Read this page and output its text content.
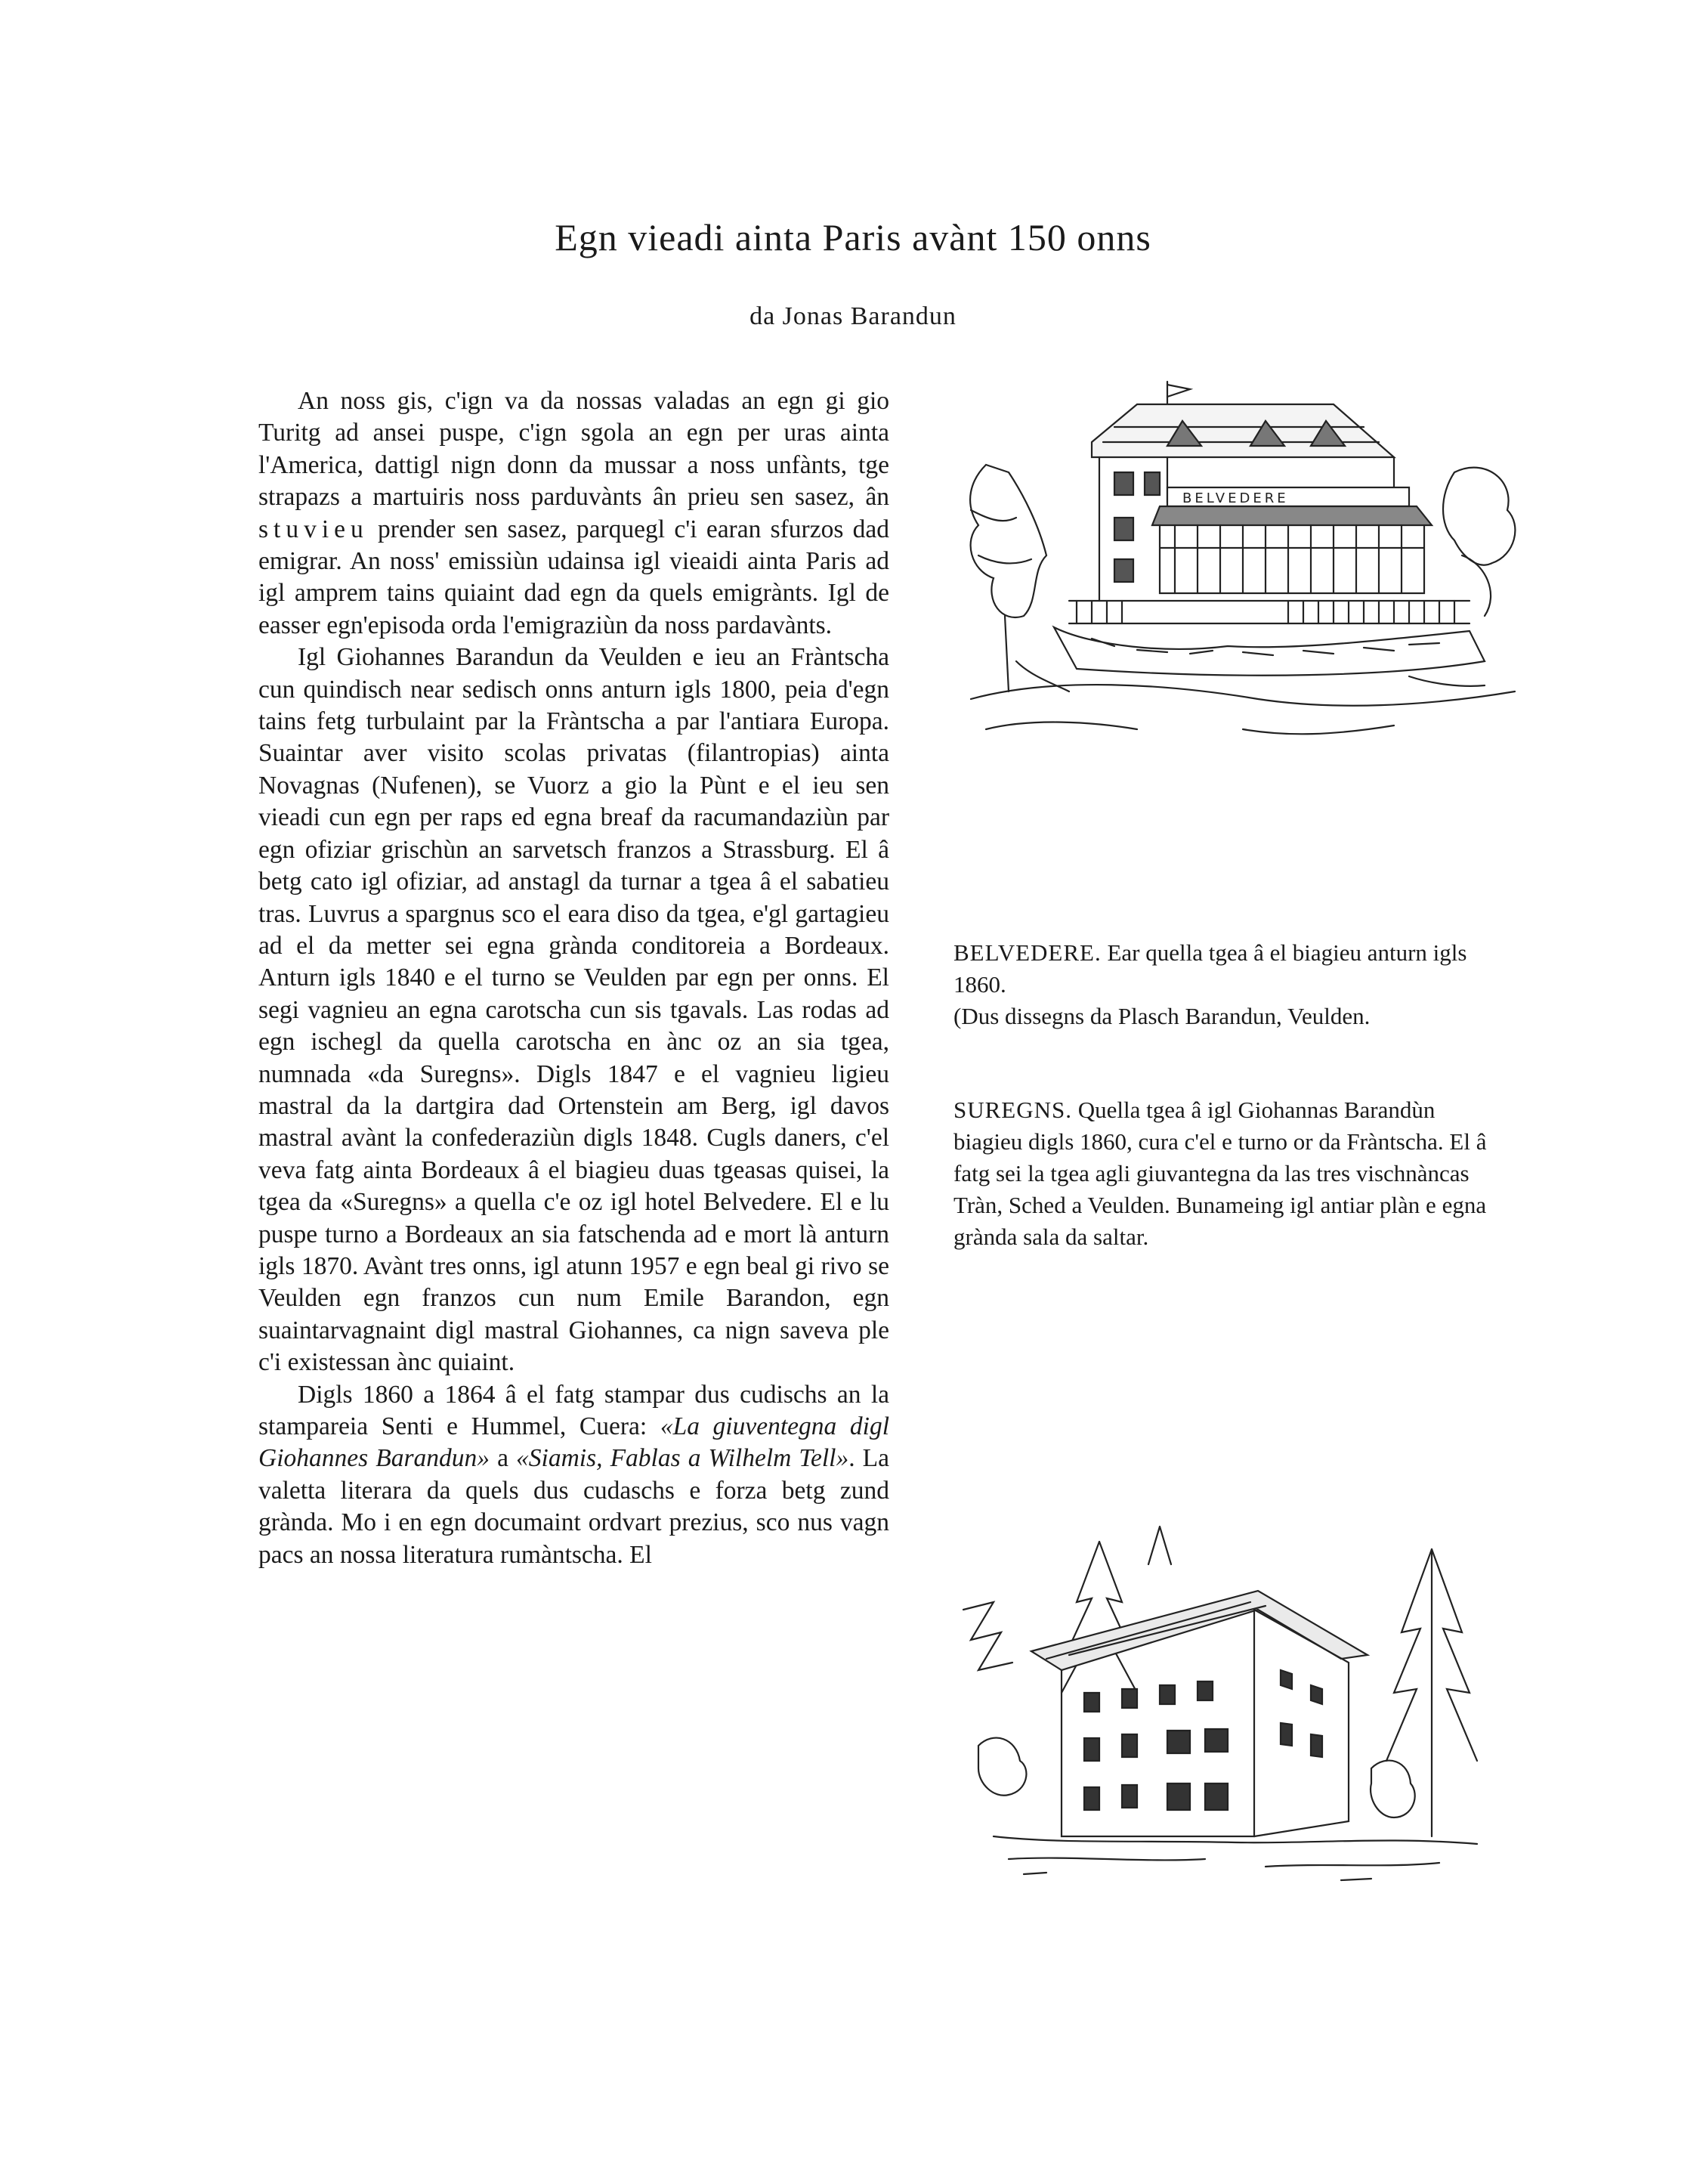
Egn vieadi ainta Paris avànt 150 onns
da Jonas Barandun

An noss gis, c'ign va da nossas valadas an egn gi gio Turitg ad ansei puspe, c'ign sgola an egn per uras ainta l'America, dattigl nign donn da mussar a noss unfànts, tge strapazs a martuiris noss parduvànts ân prieu sen sasez, ân stuvieu prender sen sasez, parquegl c'i earan sfurzos dad emigrar. An noss' emissiùn udainsa igl vieaidi ainta Paris ad igl amprem tains quiaint dad egn da quels emigrànts. Igl de easser egn'episoda orda l'emigraziùn da noss pardavànts.

Igl Giohannes Barandun da Veulden e ieu an Fràntscha cun quindisch near sedisch onns anturn igls 1800, peia d'egn tains fetg turbulaint par la Fràntscha a par l'antiara Europa. Suaintar aver visito scolas privatas (filantropias) ainta Novagnas (Nufenen), se Vuorz a gio la Pùnt e el ieu sen vieadi cun egn per raps ed egna breaf da racumandaziùn par egn ofiziar grischùn an sarvetsch franzos a Strassburg. El â betg cato igl ofiziar, ad anstagl da turnar a tgea â el sabatieu tras. Luvrus a spargnus sco el eara diso da tgea, e'gl gartagieu ad el da metter sei egna grànda conditoreia a Bordeaux. Anturn igls 1840 e el turno se Veulden par egn per onns. El segi vagnieu an egna carotscha cun sis tgavals. Las rodas ad egn ischegl da quella carotscha en ànc oz an sia tgea, numnada «da Suregns». Digls 1847 e el vagnieu ligieu mastral da la dartgira dad Ortenstein am Berg, igl davos mastral avànt la confederaziùn digls 1848. Cugls daners, c'el veva fatg ainta Bordeaux â el biagieu duas tgeasas quisei, la tgea da «Suregns» a quella c'e oz igl hotel Belvedere. El e lu puspe turno a Bordeaux an sia fatschenda ad e mort là anturn igls 1870. Avànt tres onns, igl atunn 1957 e egn beal gi rivo se Veulden egn franzos cun num Emile Barandon, egn suaintarvagnaint digl mastral Giohannes, ca nign saveva ple c'i existessan ànc quiaint.

Digls 1860 a 1864 â el fatg stampar dus cudischs an la stampareia Senti e Hummel, Cuera: «La giuventegna digl Giohannes Barandun» a «Siamis, Fablas a Wilhelm Tell». La valetta literara da quels dus cudaschs e forza betg zund grànda. Mo i en egn documaint ordvart prezius, sco nus vagn pacs an nossa literatura rumàntscha. El

BELVEDERE
BELVEDERE. Ear quella tgea â el biagieu anturn igls 1860.
(Dus dissegns da Plasch Barandun, Veulden.
SUREGNS. Quella tgea â igl Giohannas Barandùn biagieu digls 1860, cura c'el e turno or da Fràntscha. El â fatg sei la tgea agli giuvantegna da las tres vischnàncas Tràn, Sched a Veulden. Bunameing igl antiar plàn e egna grànda sala da saltar.
